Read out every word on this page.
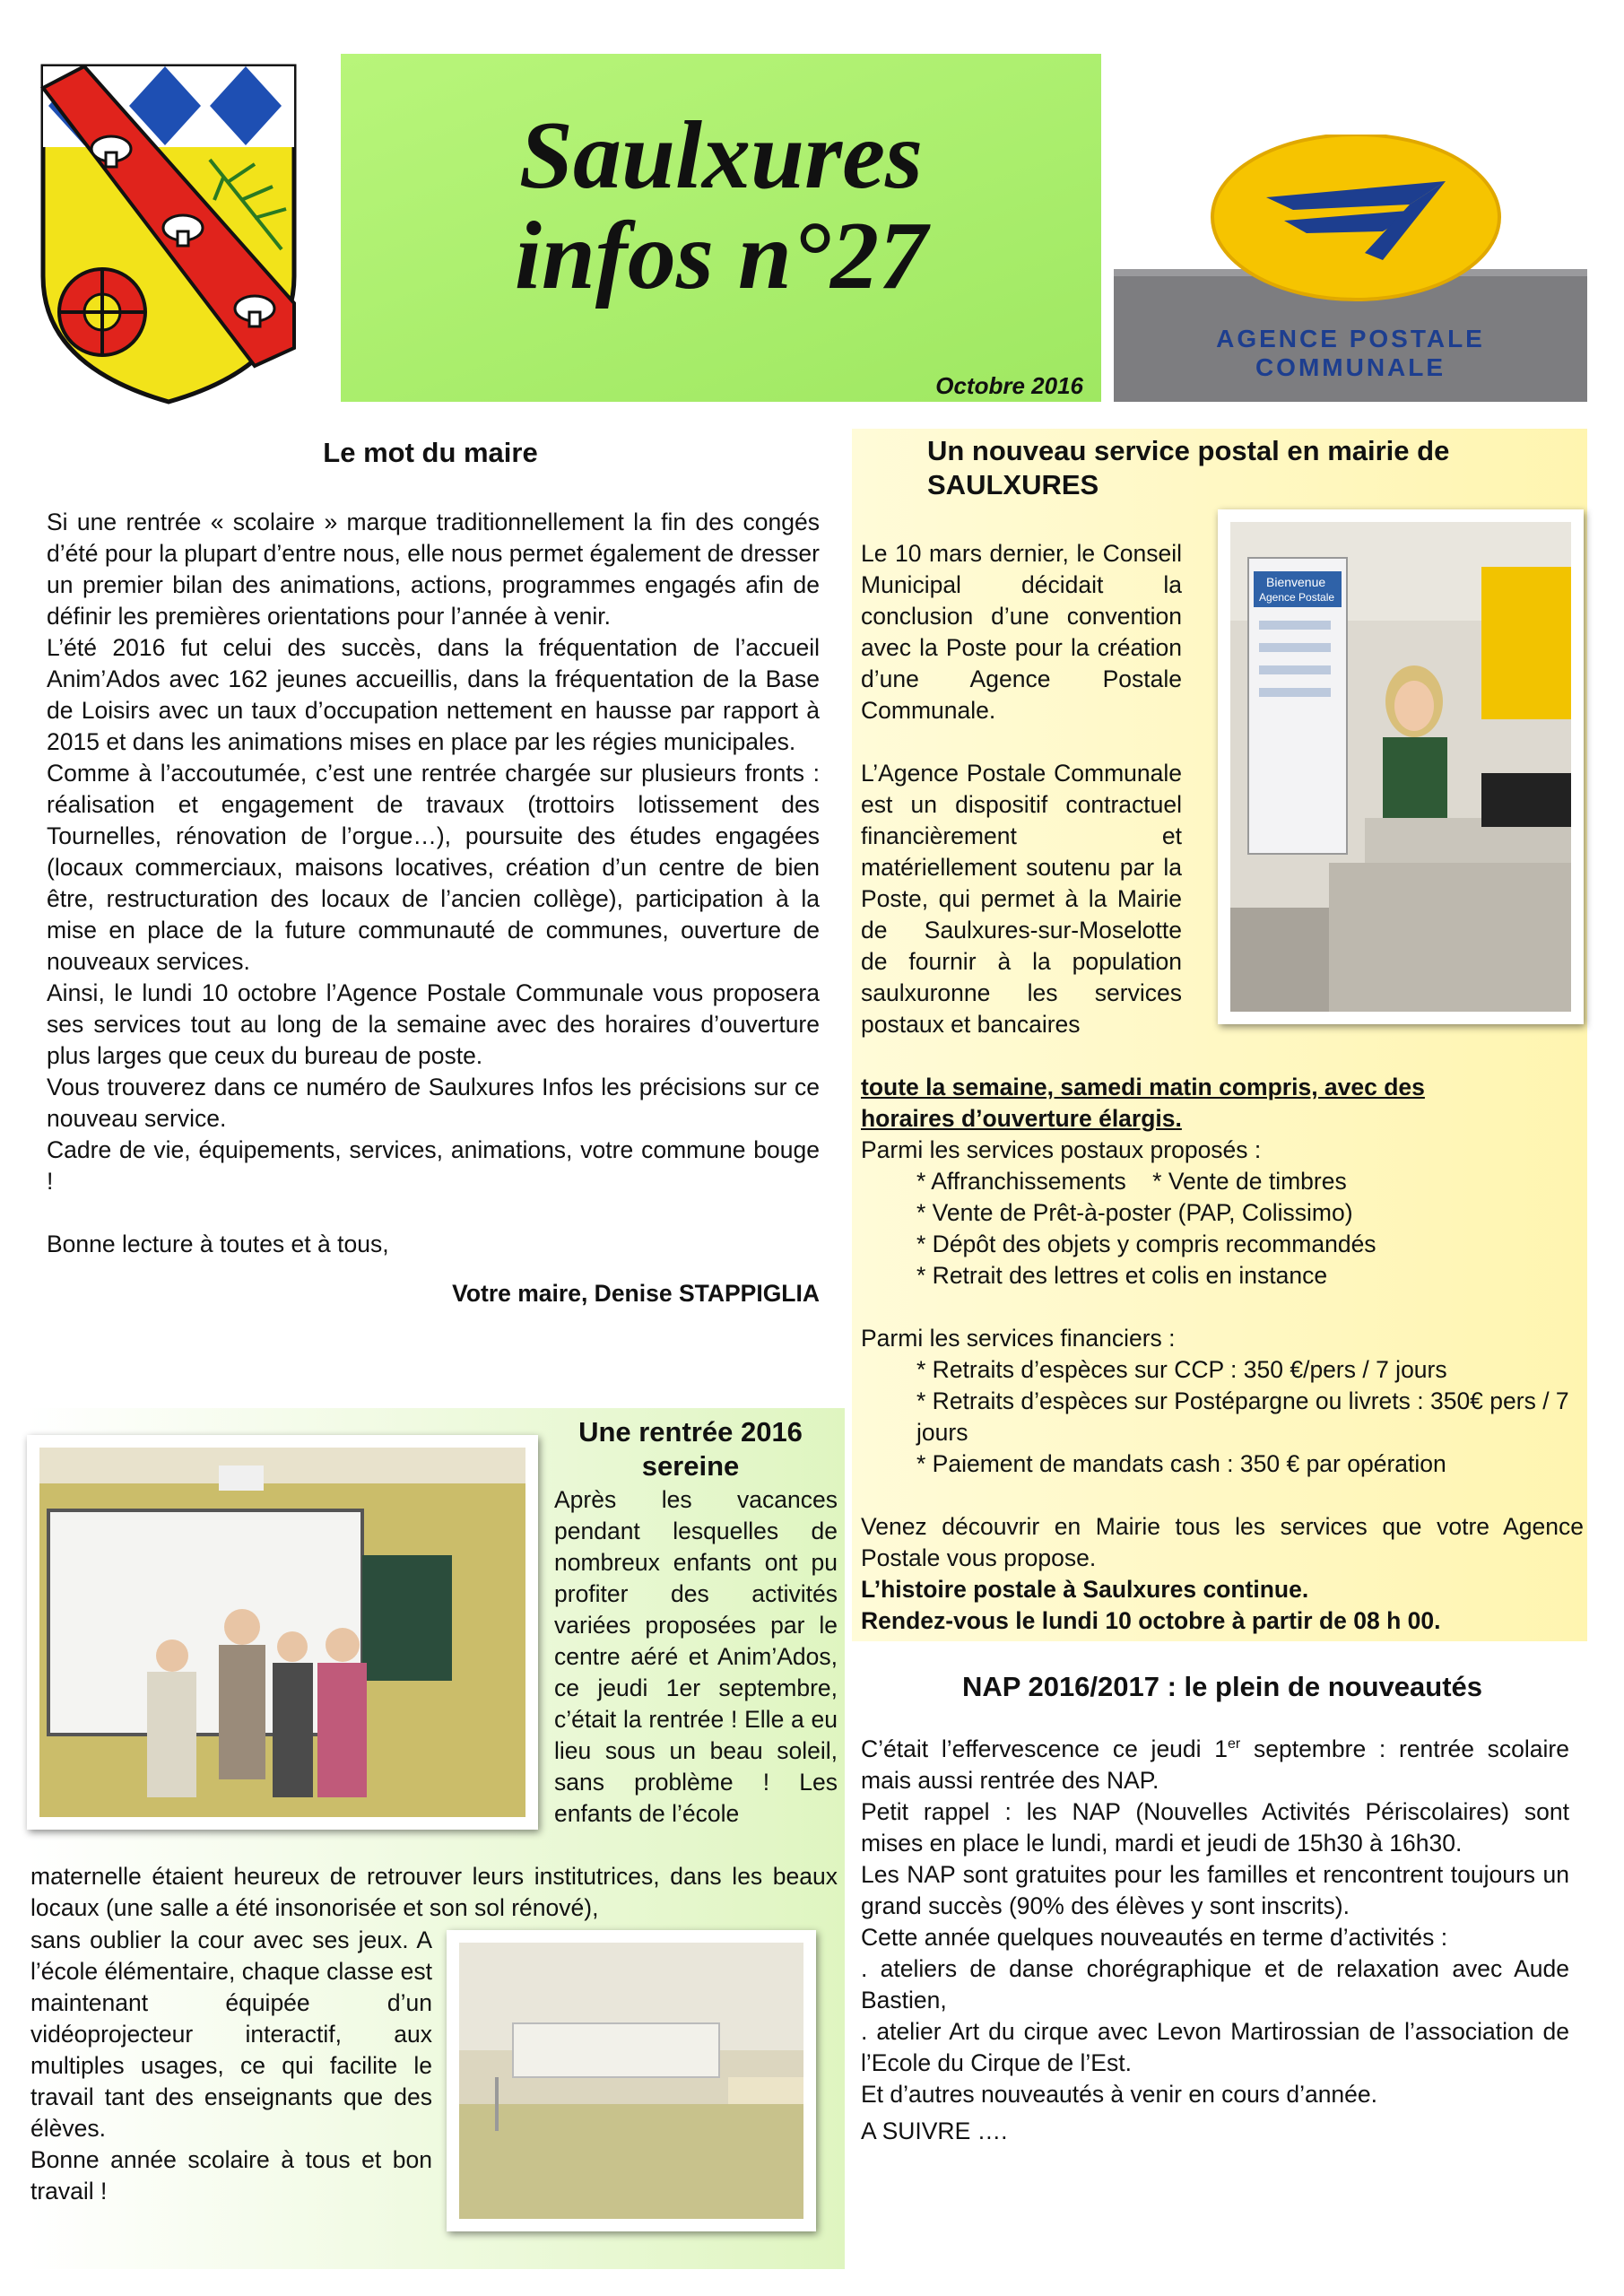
Saulxures
infos n°27
Octobre 2016
AGENCE POSTALE
COMMUNALE
Le mot du maire

Si une rentrée « scolaire » marque traditionnellement la fin des congés d’été pour la plupart d’entre nous, elle nous permet également de dresser un premier bilan des animations, actions, programmes engagés afin de définir les premières orientations pour l’année à venir.

L’été 2016 fut celui des succès, dans la fréquentation de l’accueil Anim’Ados avec 162 jeunes accueillis, dans la fréquentation de la Base de Loisirs avec un taux d’occupation nettement en hausse par rapport à 2015 et dans les animations mises en place par les régies municipales.

Comme à l’accoutumée, c’est une rentrée chargée sur plusieurs fronts : réalisation et engagement de travaux (trottoirs lotissement des Tournelles, rénovation de l’orgue…), poursuite des études engagées (locaux commerciaux, maisons locatives, création d’un centre de bien être, restructuration des locaux de l’ancien collège), participation à la mise en place de la future communauté de communes, ouverture de nouveaux services.

Ainsi, le lundi 10 octobre l’Agence Postale Communale vous proposera ses services tout au long de la semaine avec des horaires d’ouverture plus larges que ceux du bureau de poste.

Vous trouverez dans ce numéro de Saulxures Infos les précisions sur ce nouveau service.

Cadre de vie, équipements, services, animations, votre commune bouge !

Bonne lecture à toutes et à tous,

Votre maire, Denise STAPPIGLIA

Un nouveau service postal en mairie de
SAULXURES
Bienvenue
Agence Postale

Le 10 mars dernier, le Conseil Municipal décidait la conclusion d’une convention avec la Poste pour la création d’une Agence Postale Communale.

L’Agence Postale Communale est un dispositif contractuel financièrement et matériellement soutenu par la Poste, qui permet à la Mairie de Saulxures-sur-Moselotte de fournir à la population saulxuronne les services postaux et bancaires

toute la semaine, samedi matin compris, avec des horaires d’ouverture élargis.

Parmi les services postaux proposés :

* Affranchissements    * Vente de timbres

* Vente de Prêt-à-poster (PAP, Colissimo)

* Dépôt des objets y compris recommandés

* Retrait des lettres et colis en instance

Parmi les services financiers :

* Retraits d’espèces sur CCP : 350 €/pers / 7 jours

* Retraits d’espèces sur Postépargne ou livrets : 350€ pers / 7 jours

* Paiement de mandats cash : 350 € par opération

Venez découvrir en Mairie tous les services que votre Agence Postale vous propose.

L’histoire postale à Saulxures continue.

Rendez-vous le lundi 10 octobre à partir de 08 h 00.

Une rentrée 2016
sereine

Après les vacances pendant lesquelles de nombreux enfants ont pu profiter des activités variées proposées par le centre aéré et Anim’Ados, ce jeudi 1er septembre, c’était la rentrée ! Elle a eu lieu sous un beau soleil, sans problème ! Les enfants de l’école

maternelle étaient heureux de retrouver leurs institutrices, dans les beaux locaux (une salle a été insonorisée et son sol rénové),

sans oublier la cour avec ses jeux. A l’école élémentaire, chaque classe est maintenant équipée d’un vidéoprojecteur interactif, aux multiples usages, ce qui facilite le travail tant des enseignants que des élèves.

Bonne année scolaire à tous et bon travail !

NAP 2016/2017 : le plein de nouveautés

C’était l’effervescence ce jeudi 1er septembre : rentrée scolaire mais aussi rentrée des NAP.

Petit rappel : les NAP (Nouvelles Activités Périscolaires) sont mises en place le lundi, mardi et jeudi de 15h30 à 16h30.

Les NAP sont gratuites pour les familles et rencontrent toujours un grand succès (90% des élèves y sont inscrits).

Cette année quelques nouveautés en terme d’activités :

. ateliers de danse chorégraphique et de relaxation avec Aude Bastien,

. atelier Art du cirque avec Levon Martirossian de l’association de l’Ecole du Cirque de l’Est.

Et d’autres nouveautés à venir en cours d’année.

A SUIVRE ….
